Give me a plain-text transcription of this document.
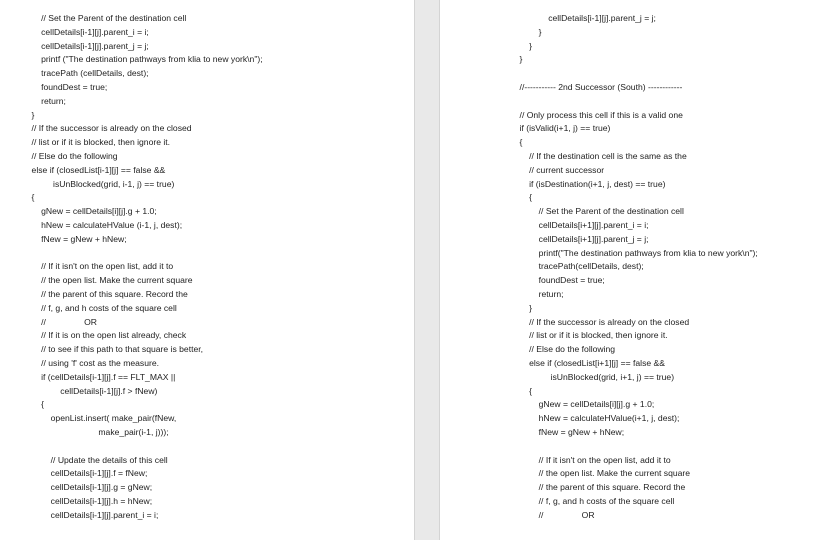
// Set the Parent of the destination cell
cellDetails[i-1][j].parent_i = i;
cellDetails[i-1][j].parent_j = j;
printf ("The destination pathways from klia to new york\n");
tracePath (cellDetails, dest);
foundDest = true;
return;
}
// If the successor is already on the closed
// list or if it is blocked, then ignore it.
// Else do the following
else if (closedList[i-1][j] == false &&
isUnBlocked(grid, i-1, j) == true)
{
gNew = cellDetails[i][j].g + 1.0;
hNew = calculateHValue (i-1, j, dest);
fNew = gNew + hNew;
// If it isn't on the open list, add it to
// the open list. Make the current square
// the parent of this square. Record the
// f, g, and h costs of the square cell
//                OR
// If it is on the open list already, check
// to see if this path to that square is better,
// using 'f' cost as the measure.
if (cellDetails[i-1][j].f == FLT_MAX ||
cellDetails[i-1][j].f > fNew)
{
openList.insert( make_pair(fNew,
make_pair(i-1, j)));
// Update the details of this cell
cellDetails[i-1][j].f = fNew;
cellDetails[i-1][j].g = gNew;
cellDetails[i-1][j].h = hNew;
cellDetails[i-1][j].parent_i = i;
cellDetails[i-1][j].parent_j = j;
}
}
}
//----------- 2nd Successor (South) ------------
// Only process this cell if this is a valid one
if (isValid(i+1, j) == true)
{
// If the destination cell is the same as the
// current successor
if (isDestination(i+1, j, dest) == true)
{
// Set the Parent of the destination cell
cellDetails[i+1][j].parent_i = i;
cellDetails[i+1][j].parent_j = j;
printf("The destination pathways from klia to new york\n");
tracePath(cellDetails, dest);
foundDest = true;
return;
}
// If the successor is already on the closed
// list or if it is blocked, then ignore it.
// Else do the following
else if (closedList[i+1][j] == false &&
isUnBlocked(grid, i+1, j) == true)
{
gNew = cellDetails[i][j].g + 1.0;
hNew = calculateHValue(i+1, j, dest);
fNew = gNew + hNew;
// If it isn't on the open list, add it to
// the open list. Make the current square
// the parent of this square. Record the
// f, g, and h costs of the square cell
//                OR
